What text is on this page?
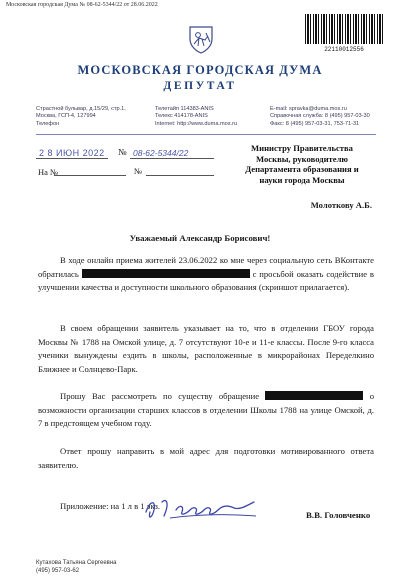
Московская городская Дума № 08-62-5344/22 от 28.06.2022
22110012556
МОСКОВСКАЯ ГОРОДСКАЯ ДУМА
ДЕПУТАТ
Страстной бульвар, д.15/29, стр.1,
Москва, ГСП-4, 127994
Телефон
Телетайп 114383-ANIS
Телекс 414178-ANIS
Internet: http://www.duma.mos.ru
E-mail: spravka@duma.mos.ru
Справочная служба: 8 (495) 957-03-30
Факс: 8 (495) 957-03-31, 753-71-31
2 8 ИЮН 2022 № 08-62-5344/22
На №	№
Министру Правительства
Москвы, руководителю
Департамента образования и
науки города Москвы
Молоткову А.Б.
Уважаемый Александр Борисович!
В ходе онлайн приема жителей 23.06.2022 ко мне через социальную сеть ВКонтакте обратилась	с просьбой оказать содействие в улучшении качества и доступности школьного образования (скриншот прилагается).
В своем обращении заявитель указывает на то, что в отделении ГБОУ города Москвы № 1788 на Омской улице, д. 7 отсутствуют 10-е и 11-е классы. После 9-го класса ученики вынуждены ездить в школы, расположенные в микрорайонах Переделкино Ближнее и Солнцево-Парк.
Прошу Вас рассмотреть по существу обращение	о возможности организации старших классов в отделении Школы 1788 на улице Омской, д. 7 в предстоящем учебном году.
Ответ прошу направить в мой адрес для подготовки мотивированного ответа заявителю.
Приложение: на 1 л в 1 экз.
В.В. Головченко
Кутахова Татьяна Сергеевна
(495) 957-03-62
